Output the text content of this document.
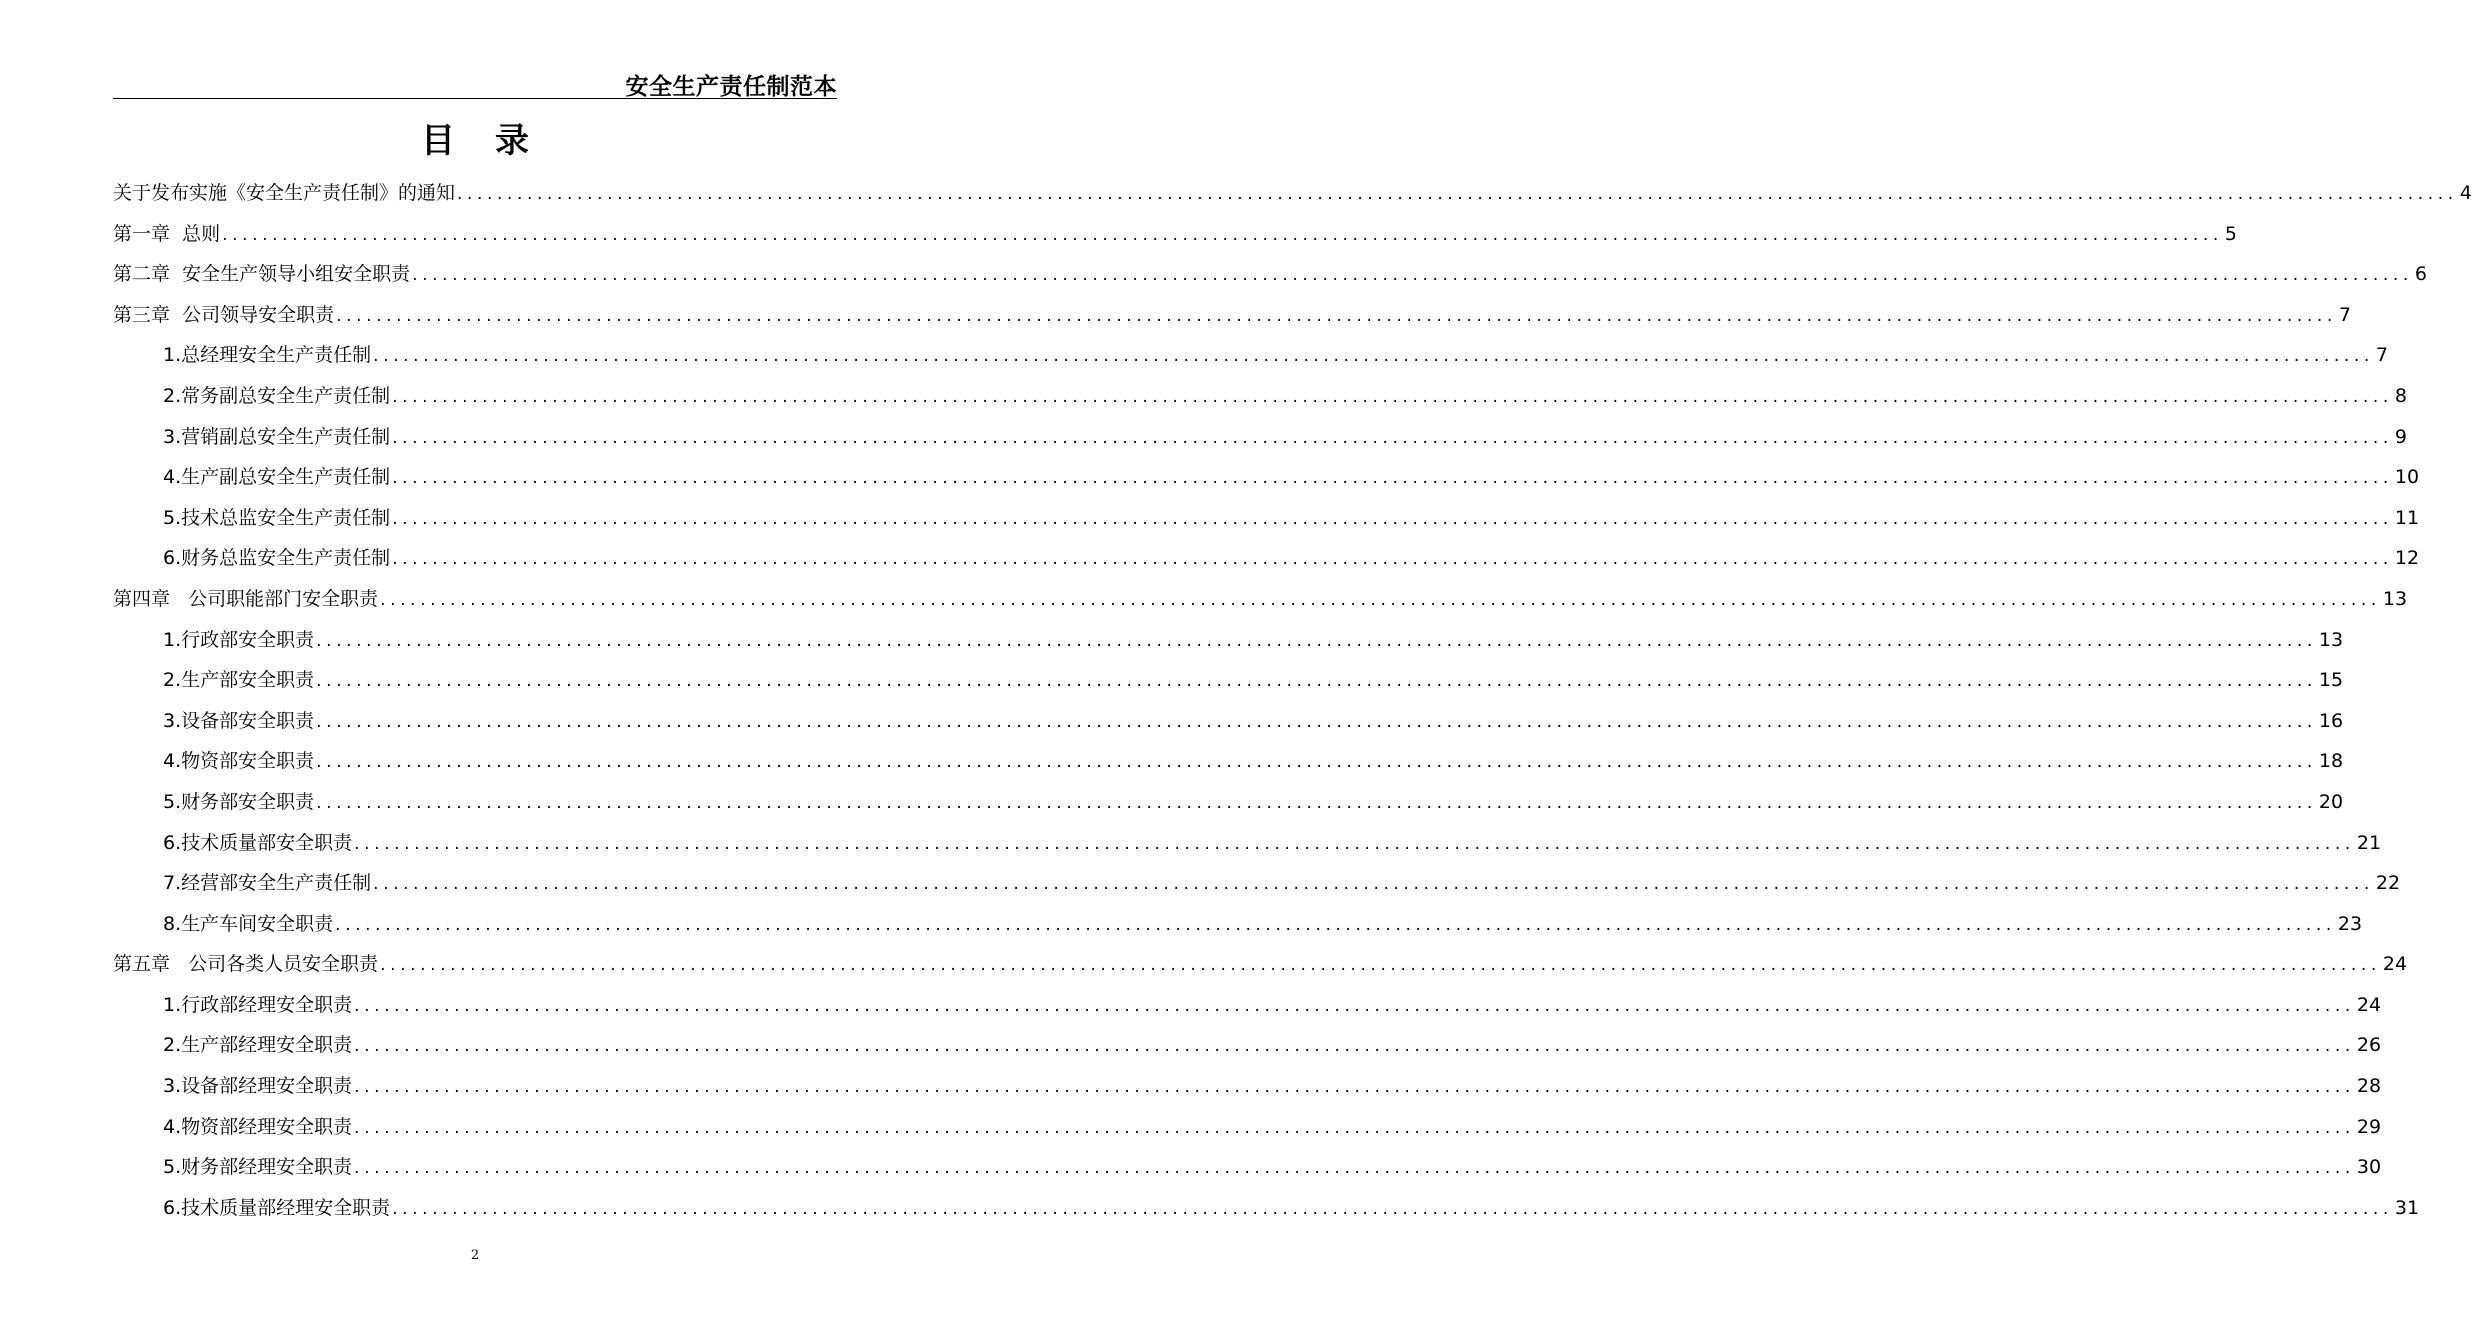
安全生产责任制范本
目录
关于发布实施《安全生产责任制》的通知 ........................................................................................................................................................................................................ 4
第一章  总则 ........................................................................................................................................................................................................ 5
第二章  安全生产领导小组安全职责 ........................................................................................................................................................................................................ 6
第三章  公司领导安全职责 ........................................................................................................................................................................................................ 7
1.总经理安全生产责任制 ........................................................................................................................................................................................................ 7
2.常务副总安全生产责任制 ........................................................................................................................................................................................................ 8
3.营销副总安全生产责任制 ........................................................................................................................................................................................................ 9
4.生产副总安全生产责任制 ........................................................................................................................................................................................................ 10
5.技术总监安全生产责任制 ........................................................................................................................................................................................................ 11
6.财务总监安全生产责任制 ........................................................................................................................................................................................................ 12
第四章   公司职能部门安全职责 ........................................................................................................................................................................................................ 13
1.行政部安全职责 ........................................................................................................................................................................................................ 13
2.生产部安全职责 ........................................................................................................................................................................................................ 15
3.设备部安全职责 ........................................................................................................................................................................................................ 16
4.物资部安全职责 ........................................................................................................................................................................................................ 18
5.财务部安全职责 ........................................................................................................................................................................................................ 20
6.技术质量部安全职责 ........................................................................................................................................................................................................ 21
7.经营部安全生产责任制 ........................................................................................................................................................................................................ 22
8.生产车间安全职责 ........................................................................................................................................................................................................ 23
第五章   公司各类人员安全职责 ........................................................................................................................................................................................................ 24
1.行政部经理安全职责 ........................................................................................................................................................................................................ 24
2.生产部经理安全职责 ........................................................................................................................................................................................................ 26
3.设备部经理安全职责 ........................................................................................................................................................................................................ 28
4.物资部经理安全职责 ........................................................................................................................................................................................................ 29
5.财务部经理安全职责 ........................................................................................................................................................................................................ 30
6.技术质量部经理安全职责 ........................................................................................................................................................................................................ 31
2
